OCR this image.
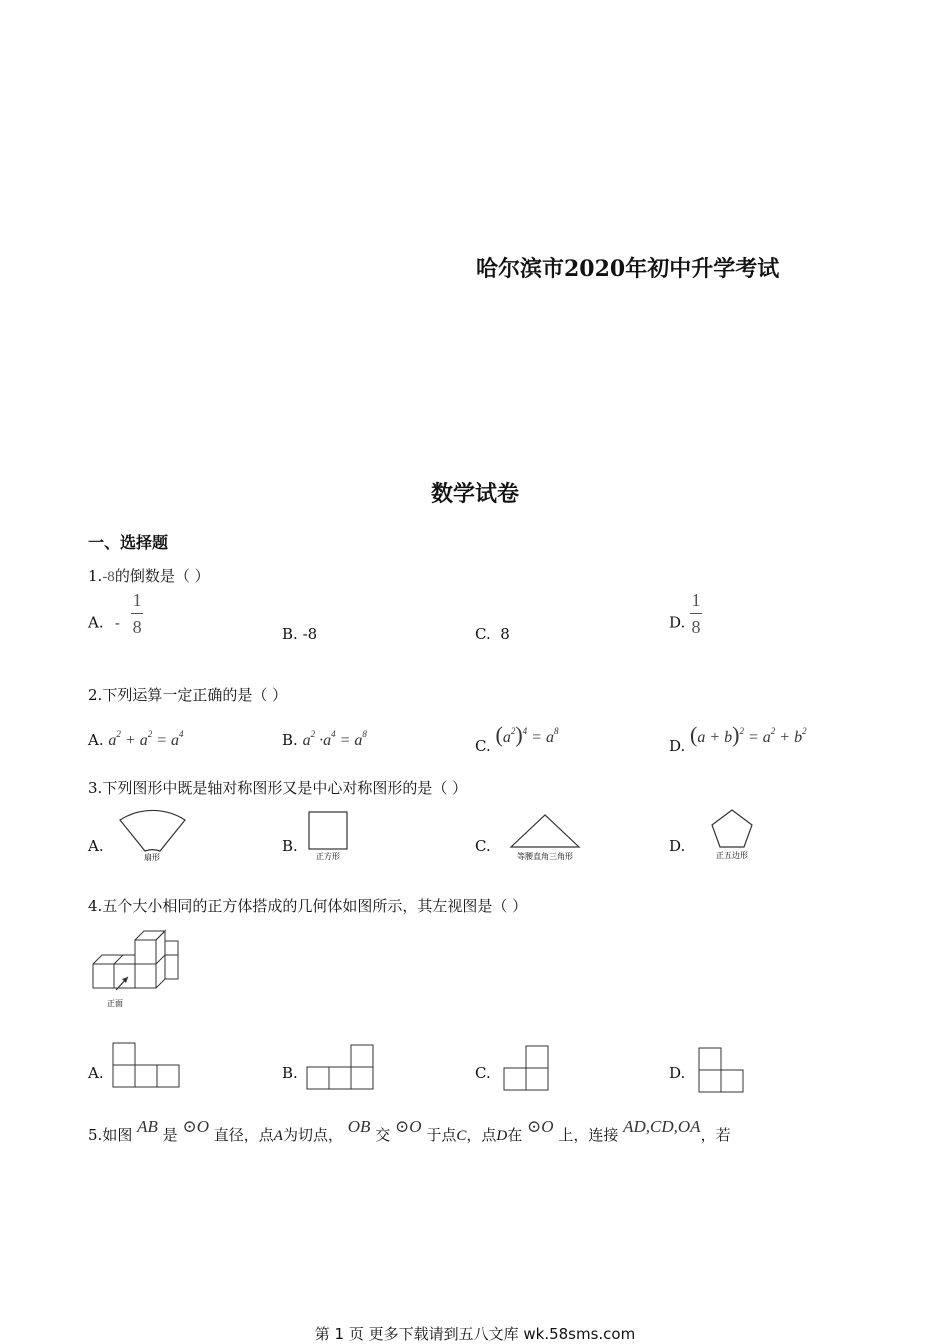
哈尔滨市2020年初中升学考试
数学试卷
一、选择题
1.-8的倒数是（ ）
A. - $\frac{1}{8}$	B. -8	C. 8
D. $\frac{1}{8}$
2.下列运算一定正确的是（ ）
A. $a^2 + a^2 = a^4$	B. $a^2 \cdot a^4 = a^8$
C. $(a^2)^4 = a^8$
D. $(a + b)^2 = a^2 + b^2$
3.下列图形中既是轴对称图形又是中心对称图形的是（ ）
A.
扇形
B.
正方形
C.
等腰直角三角形
D.
正五边形
4.五个大小相同的正方体搭成的几何体如图所示，其左视图是（ ）
正面
A.	B.	C.	D.
5.如图 AB 是 ⊙O 直径，点A为切点， OB 交 ⊙O 于点C，点D在 ⊙O 上，连接 AD,CD,OA，若
第 1 页 更多下载请到五八文库 wk.58sms.com
